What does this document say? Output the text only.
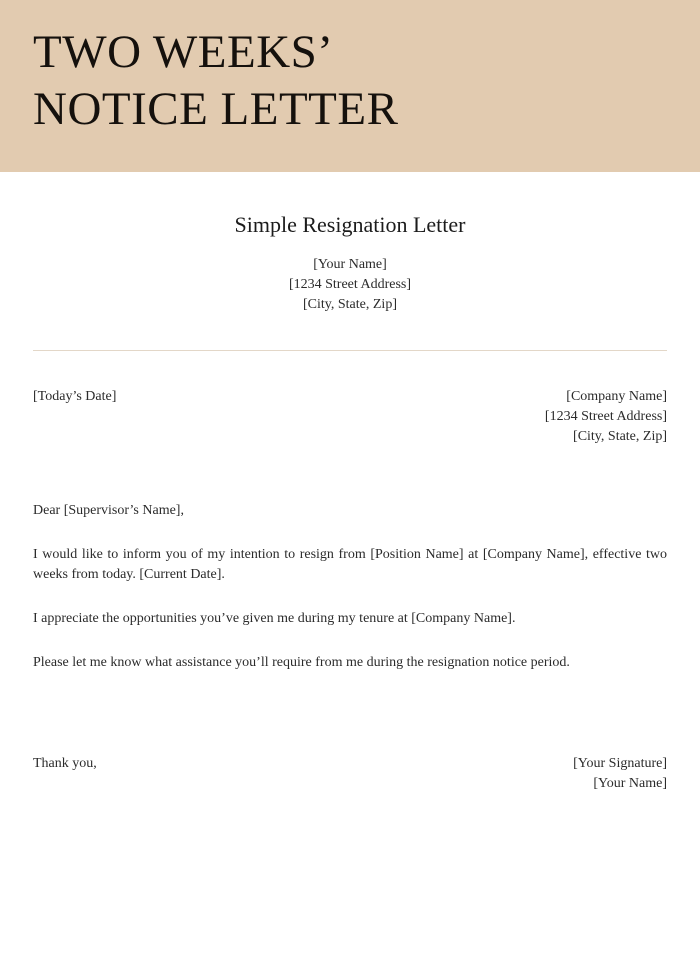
TWO WEEKS’
NOTICE LETTER
Simple Resignation Letter
[Your Name]
[1234 Street Address]
[City, State, Zip]
[Today’s Date]	[Company Name]
[1234 Street Address]
[City, State, Zip]

Dear [Supervisor’s Name],

I would like to inform you of my intention to resign from [Position Name] at [Company Name], effective two weeks from today. [Current Date].

I appreciate the opportunities you’ve given me during my tenure at [Company Name].

Please let me know what assistance you’ll require from me during the resignation notice period.

Thank you,	[Your Signature]
[Your Name]
